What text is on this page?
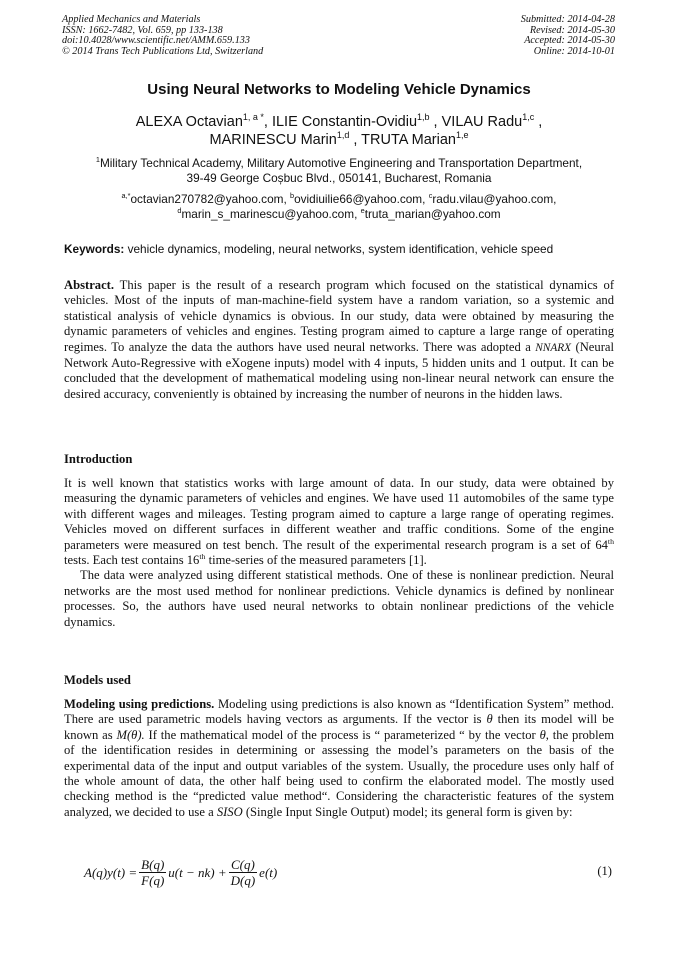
Applied Mechanics and Materials
ISSN: 1662-7482, Vol. 659, pp 133-138
doi:10.4028/www.scientific.net/AMM.659.133
© 2014 Trans Tech Publications Ltd, Switzerland
Submitted: 2014-04-28
Revised: 2014-05-30
Accepted: 2014-05-30
Online: 2014-10-01
Using Neural Networks to Modeling Vehicle Dynamics
ALEXA Octavian$^{1, a *}$, ILIE Constantin-Ovidiu$^{1,b}$ , VILAU Radu$^{1,c}$ ,
MARINESCU Marin$^{1,d}$ , TRUTA Marian$^{1,e}$
$^1$Military Technical Academy, Military Automotive Engineering and Transportation Department,
39-49 George Coșbuc Blvd., 050141, Bucharest, Romania
$^{a,*}$octavian270782@yahoo.com, $^b$ovidiuilie66@yahoo.com, $^c$radu.vilau@yahoo.com,
$^d$marin_s_marinescu@yahoo.com, $^e$truta_marian@yahoo.com
Keywords: vehicle dynamics, modeling, neural networks, system identification, vehicle speed

Abstract. This paper is the result of a research program which focused on the statistical dynamics of vehicles. Most of the inputs of man-machine-field system have a random variation, so a systemic and statistical analysis of vehicle dynamics is obvious. In our study, data were obtained by measuring the dynamic parameters of vehicles and engines. Testing program aimed to capture a large range of operating regimes. To analyze the data the authors have used neural networks. There was adopted a NNARX (Neural Network Auto-Regressive with eXogene inputs) model with 4 inputs, 5 hidden units and 1 output. It can be concluded that the development of mathematical modeling using non-linear neural network can ensure the desired accuracy, conveniently is obtained by increasing the number of neurons in the hidden laws.

Introduction

It is well known that statistics works with large amount of data. In our study, data were obtained by measuring the dynamic parameters of vehicles and engines. We have used 11 automobiles of the same type with different wages and mileages. Testing program aimed to capture a large range of operating regimes. Vehicles moved on different surfaces in different weather and traffic conditions. Some of the engine parameters were measured on test bench. The result of the experimental research program is a set of 64th tests. Each test contains 16th time-series of the measured parameters [1].

The data were analyzed using different statistical methods. One of these is nonlinear prediction. Neural networks are the most used method for nonlinear predictions. Vehicle dynamics is defined by nonlinear processes. So, the authors have used neural networks to obtain nonlinear predictions of the vehicle dynamics.

Models used

Modeling using predictions. Modeling using predictions is also known as “Identification System” method. There are used parametric models having vectors as arguments. If the vector is θ then its model will be known as M(θ). If the mathematical model of the process is “ parameterized “ by the vector θ, the problem of the identification resides in determining or assessing the model’s parameters on the basis of the experimental data of the input and output variables of the system. Usually, the procedure uses only half of the whole amount of data, the other half being used to confirm the elaborated model. The mostly used checking method is the “predicted value method“. Considering the characteristic features of the system analyzed, we decided to use a SISO (Single Input Single Output) model; its general form is given by:

$A(q)y(t) = \frac{B(q)}{F(q)} u(t - nk) + \frac{C(q)}{D(q)} e(t)$	(1)
